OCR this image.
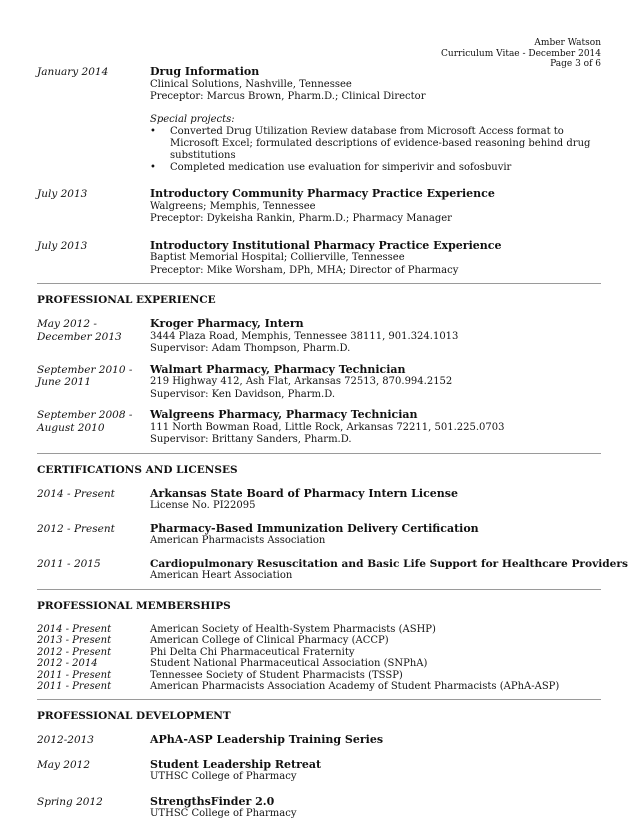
Amber Watson
Curriculum Vitae - December 2014
Page 3 of 6
January 2014	Drug Information
Clinical Solutions, Nashville, Tennessee
Preceptor: Marcus Brown, Pharm.D.; Clinical Director
Special projects:
• Converted Drug Utilization Review database from Microsoft Access format to Microsoft Excel; formulated descriptions of evidence-based reasoning behind drug substitutions
• Completed medication use evaluation for simperivir and sofosbuvir
July 2013	Introductory Community Pharmacy Practice Experience
Walgreens; Memphis, Tennessee
Preceptor: Dykeisha Rankin, Pharm.D.; Pharmacy Manager
July 2013	Introductory Institutional Pharmacy Practice Experience
Baptist Memorial Hospital; Collierville, Tennessee
Preceptor: Mike Worsham, DPh, MHA; Director of Pharmacy
PROFESSIONAL EXPERIENCE
May 2012 -
December 2013
Kroger Pharmacy, Intern
3444 Plaza Road, Memphis, Tennessee 38111, 901.324.1013
Supervisor: Adam Thompson, Pharm.D.
September 2010 -
June 2011
Walmart Pharmacy, Pharmacy Technician
219 Highway 412, Ash Flat, Arkansas 72513, 870.994.2152
Supervisor: Ken Davidson, Pharm.D.
September 2008 -
August 2010
Walgreens Pharmacy, Pharmacy Technician
111 North Bowman Road, Little Rock, Arkansas 72211, 501.225.0703
Supervisor: Brittany Sanders, Pharm.D.
CERTIFICATIONS AND LICENSES
2014 - Present	Arkansas State Board of Pharmacy Intern License
License No. PI22095
2012 - Present	Pharmacy-Based Immunization Delivery Certification
American Pharmacists Association
2011 - 2015	Cardiopulmonary Resuscitation and Basic Life Support for Healthcare Providers
American Heart Association
PROFESSIONAL MEMBERSHIPS
2014 - Present	American Society of Health-System Pharmacists (ASHP)
2013 - Present	American College of Clinical Pharmacy (ACCP)
2012 - Present	Phi Delta Chi Pharmaceutical Fraternity
2012 - 2014	Student National Pharmaceutical Association (SNPhA)
2011 - Present	Tennessee Society of Student Pharmacists (TSSP)
2011 - Present	American Pharmacists Association Academy of Student Pharmacists (APhA-ASP)
PROFESSIONAL DEVELOPMENT
2012-2013	APhA-ASP Leadership Training Series
May 2012	Student Leadership Retreat
UTHSC College of Pharmacy
Spring 2012	StrengthsFinder 2.0
UTHSC College of Pharmacy
